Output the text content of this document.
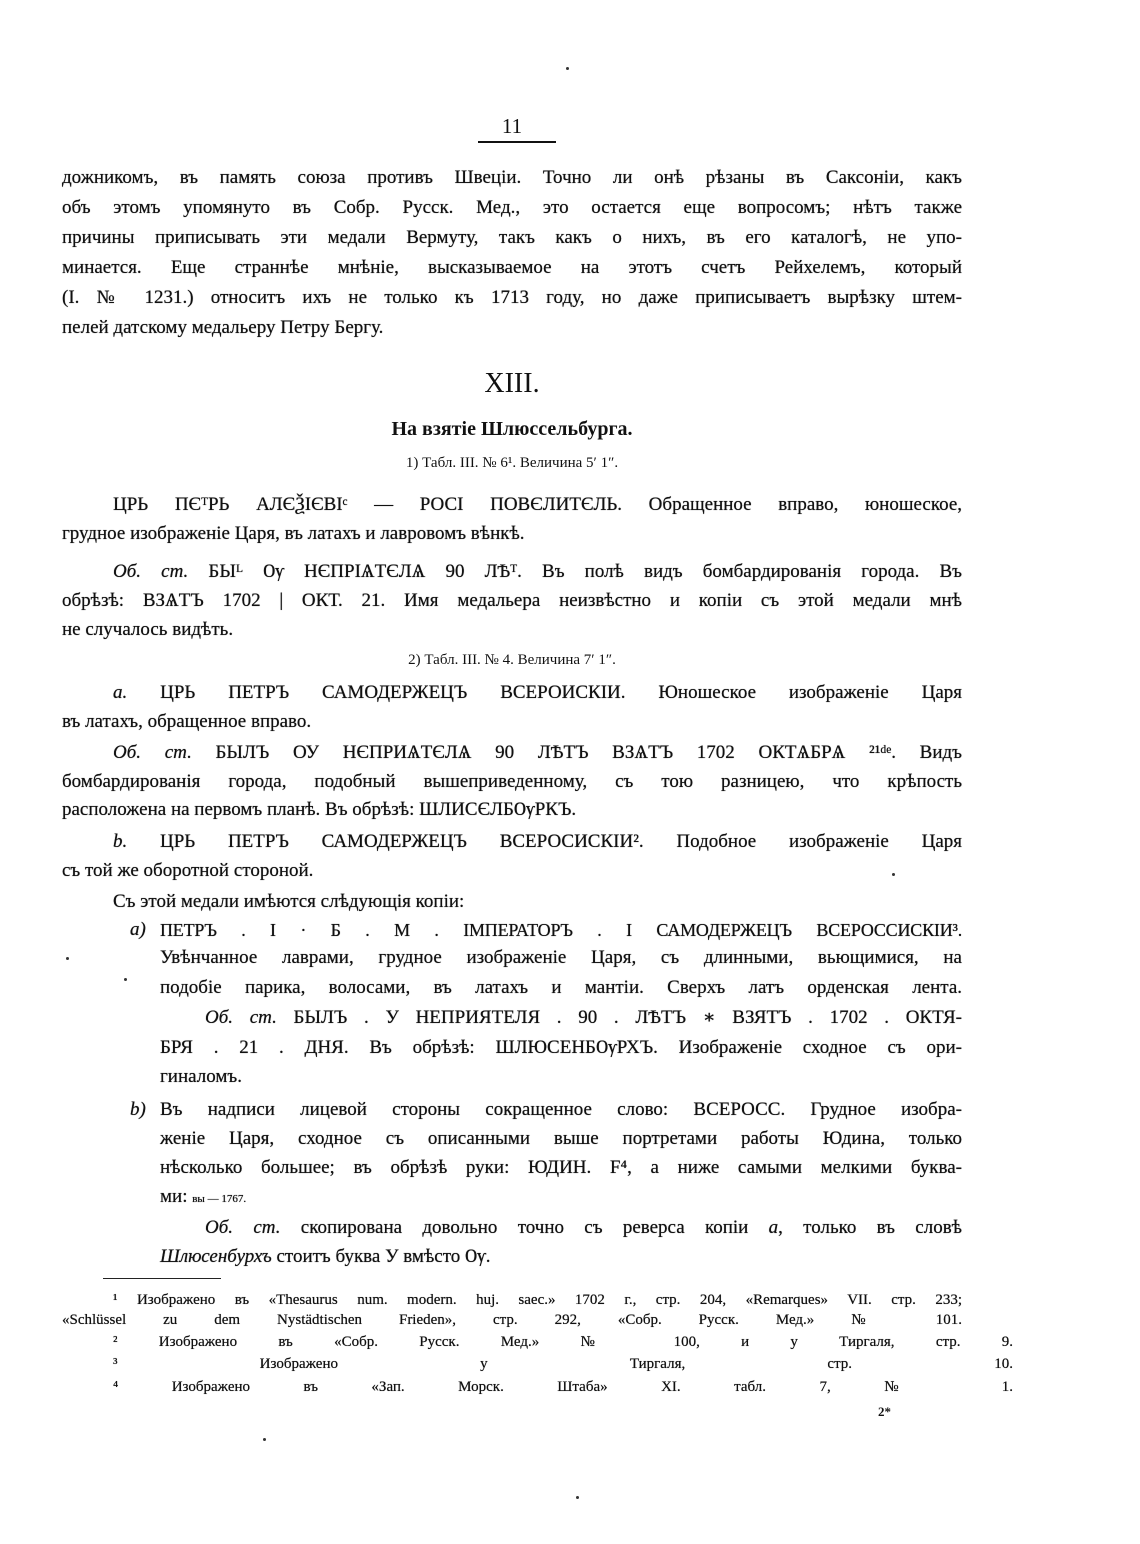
11
дожникомъ, въ память союза противъ Швеціи. Точно ли онѣ рѣзаны въ Саксоніи, какъ
объ этомъ упомянуто въ Собр. Русск. Мед., это остается еще вопросомъ; нѣтъ также
причины приписывать эти медали Вермуту, такъ какъ о нихъ, въ его каталогѣ, не упо-
минается. Еще страннѣе мнѣніе, высказываемое на этотъ счетъ Рейхелемъ, который
(I. № 1231.) относитъ ихъ не только къ 1713 году, но даже приписываетъ вырѣзку штем-
пелей датскому медальеру Петру Бергу.
XIII.
На взятіе Шлюссельбурга.
1) Табл. III. № 6¹. Величина 5′ 1″.
ЦРЬ ПЄᵀРЬ АЛЄѮІЄВІᶜ — РОСІ ПОВЄЛИТЄЛЬ. Обращенное вправо, юношеское,
грудное изображеніе Царя, въ латахъ и лавровомъ вѣнкѣ.
Об. ст. БЫᴸ Ѹ НЄПРІѦТЄЛѦ 90 ЛѢᵀ. Въ полѣ видъ бомбардированія города. Въ
обрѣзѣ: ВЗѦТЪ 1702 | ОКТ. 21. Имя медальера неизвѣстно и копіи съ этой медали мнѣ
не случалось видѣть.
2) Табл. III. № 4. Величина 7′ 1″.
а. ЦРЬ ПЕТРЪ САМОДЕРЖЕЦЪ ВСЕРОИСКІИ. Юношеское изображеніе Царя
въ латахъ, обращенное вправо.
Об. ст. БЫЛЪ ОУ НЄПРИѦТЄЛѦ 90 ЛѢТЪ ВЗѦТЪ 1702 ОКТѦБРѦ ²¹ᵈᵉ. Видъ
бомбардированія города, подобный вышеприведенному, съ тою разницею, что крѣпость
расположена на первомъ планѣ. Въ обрѣзѣ: ШЛИСЄЛБѸРКЪ.
b. ЦРЬ ПЕТРЪ САМОДЕРЖЕЦЪ ВСЕРОСИСКІИ². Подобное изображеніе Царя
съ той же оборотной стороной.
Съ этой медали имѣются слѣдующія копіи:
а) ПЕТРЪ . I · Б . М . IМПЕРАТОРЪ . I САМОДЕРЖЕЦЪ ВСЕРОССИСКІИ³.
Увѣнчанное лаврами, грудное изображеніе Царя, съ длинными, вьющимися, на
подобіе парика, волосами, въ латахъ и мантіи. Сверхъ латъ орденская лента.
Об. ст. БЫЛЪ . У НЕПРИЯТЕЛЯ . 90 . ЛѢТЪ ∗ ВЗЯТЪ . 1702 . ОКТЯ-
БРЯ . 21 . ДНЯ. Въ обрѣзѣ: ШЛЮСЕНБѸРХЪ. Изображеніе сходное съ ори-
гиналомъ.
b) Въ надписи лицевой стороны сокращенное слово: ВСЕРОСС. Грудное изобра-
женіе Царя, сходное съ описанными выше портретами работы Юдина, только
нѣсколько большее; въ обрѣзѣ руки: ЮДИН. F⁴, а ниже самыми мелкими буква-
ми: вы — 1767.
Об. ст. скопирована довольно точно съ реверса копіи а, только въ словѣ
Шлюсенбурхъ стоитъ буква У вмѣсто Ѹ.
¹ Изображено въ «Thesaurus num. modern. huj. saec.» 1702 г., стр. 204, «Remarques» VII. стр. 233;
«Schlüssel zu dem Nystädtischen Frieden», стр. 292, «Собр. Русск. Мед.» № 101.
² Изображено въ «Собр. Русск. Мед.» № 100, и у Тиргаля, стр. 9.
³ Изображено у Тиргаля, стр. 10.
⁴ Изображено въ «Зап. Морск. Штаба» XI. табл. 7, № 1.
2*
